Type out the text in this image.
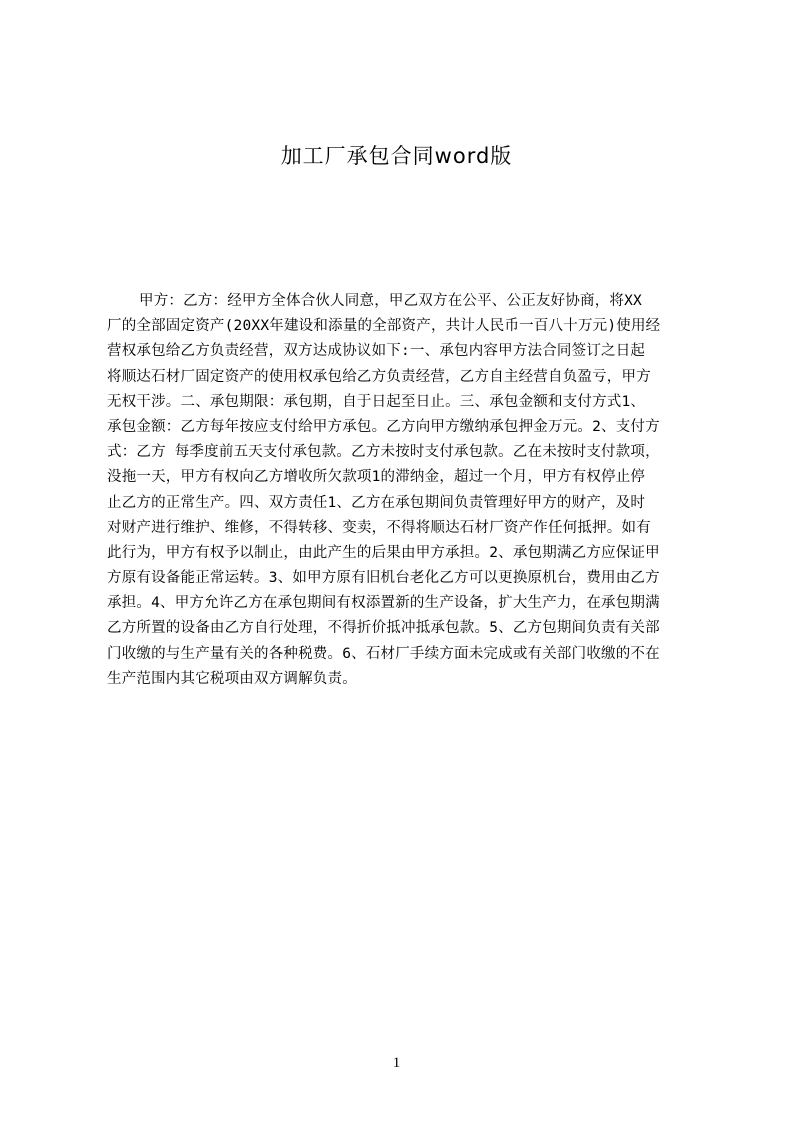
加工厂承包合同word版
甲方：乙方：经甲方全体合伙人同意，甲乙双方在公平、公正友好协商，将XX
厂的全部固定资产(20XX年建设和添量的全部资产，共计人民币一百八十万元)使用经
营权承包给乙方负责经营，双方达成协议如下:一、承包内容甲方法合同签订之日起
将顺达石材厂固定资产的使用权承包给乙方负责经营，乙方自主经营自负盈亏，甲方
无权干涉。二、承包期限：承包期，自于日起至日止。三、承包金额和支付方式1、
承包金额：乙方每年按应支付给甲方承包。乙方向甲方缴纳承包押金万元。2、支付方
式：乙方 每季度前五天支付承包款。乙方未按时支付承包款。乙在未按时支付款项，
没拖一天，甲方有权向乙方增收所欠款项1的滞纳金，超过一个月，甲方有权停止停
止乙方的正常生产。四、双方责任1、乙方在承包期间负责管理好甲方的财产，及时
对财产进行维护、维修，不得转移、变卖，不得将顺达石材厂资产作任何抵押。如有
此行为，甲方有权予以制止，由此产生的后果由甲方承担。2、承包期满乙方应保证甲
方原有设备能正常运转。3、如甲方原有旧机台老化乙方可以更换原机台，费用由乙方
承担。4、甲方允许乙方在承包期间有权添置新的生产设备，扩大生产力，在承包期满
乙方所置的设备由乙方自行处理，不得折价抵冲抵承包款。5、乙方包期间负责有关部
门收缴的与生产量有关的各种税费。6、石材厂手续方面未完成或有关部门收缴的不在
生产范围内其它税项由双方调解负责。
1
